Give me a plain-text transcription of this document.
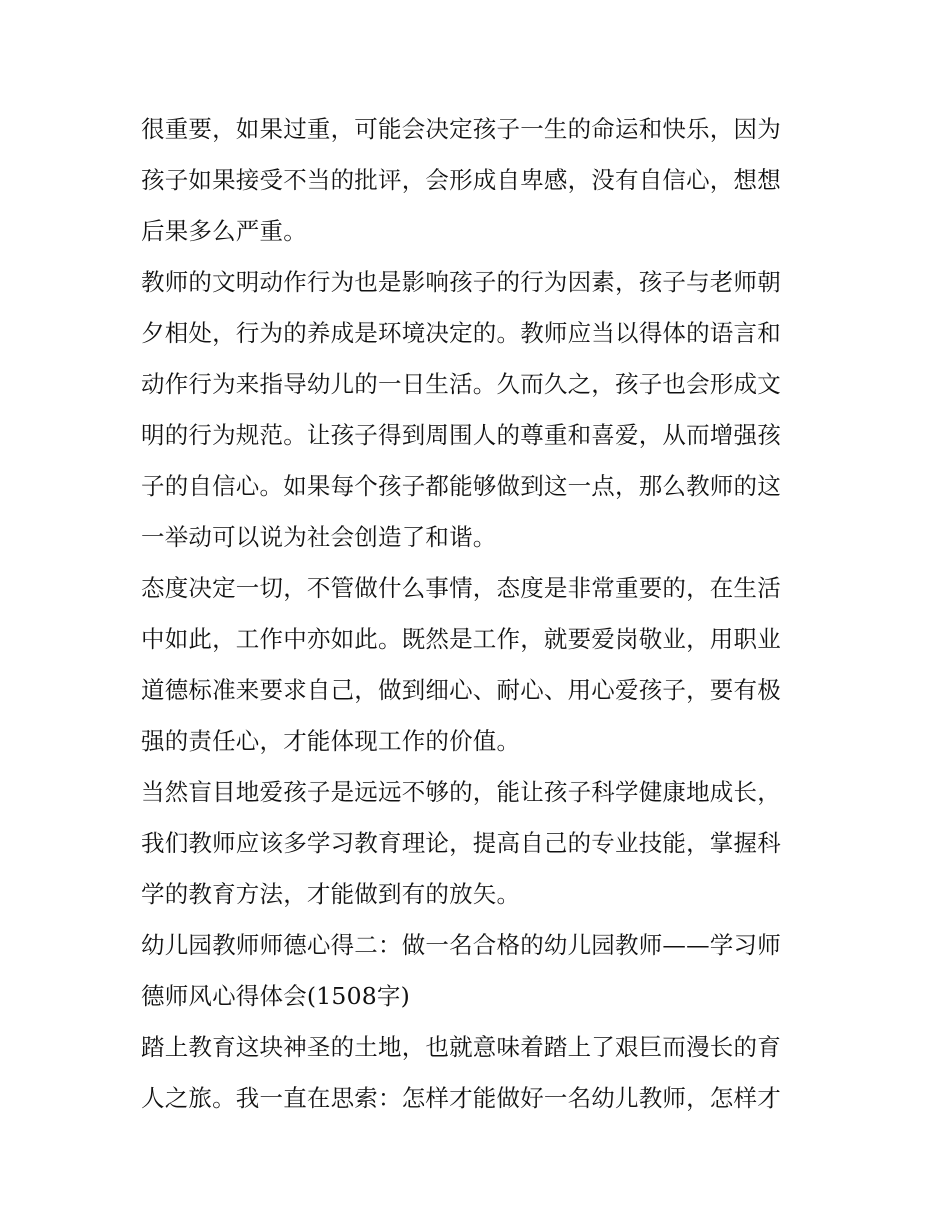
很重要，如果过重，可能会决定孩子一生的命运和快乐，因为
孩子如果接受不当的批评，会形成自卑感，没有自信心，想想
后果多么严重。
教师的文明动作行为也是影响孩子的行为因素，孩子与老师朝
夕相处，行为的养成是环境决定的。教师应当以得体的语言和
动作行为来指导幼儿的一日生活。久而久之，孩子也会形成文
明的行为规范。让孩子得到周围人的尊重和喜爱，从而增强孩
子的自信心。如果每个孩子都能够做到这一点，那么教师的这
一举动可以说为社会创造了和谐。
态度决定一切，不管做什么事情，态度是非常重要的，在生活
中如此，工作中亦如此。既然是工作，就要爱岗敬业，用职业
道德标准来要求自己，做到细心、耐心、用心爱孩子，要有极
强的责任心，才能体现工作的价值。
当然盲目地爱孩子是远远不够的，能让孩子科学健康地成长，
我们教师应该多学习教育理论，提高自己的专业技能，掌握科
学的教育方法，才能做到有的放矢。
幼儿园教师师德心得二：做一名合格的幼儿园教师——学习师
德师风心得体会(1508字)
踏上教育这块神圣的土地，也就意味着踏上了艰巨而漫长的育
人之旅。我一直在思索：怎样才能做好一名幼儿教师，怎样才
